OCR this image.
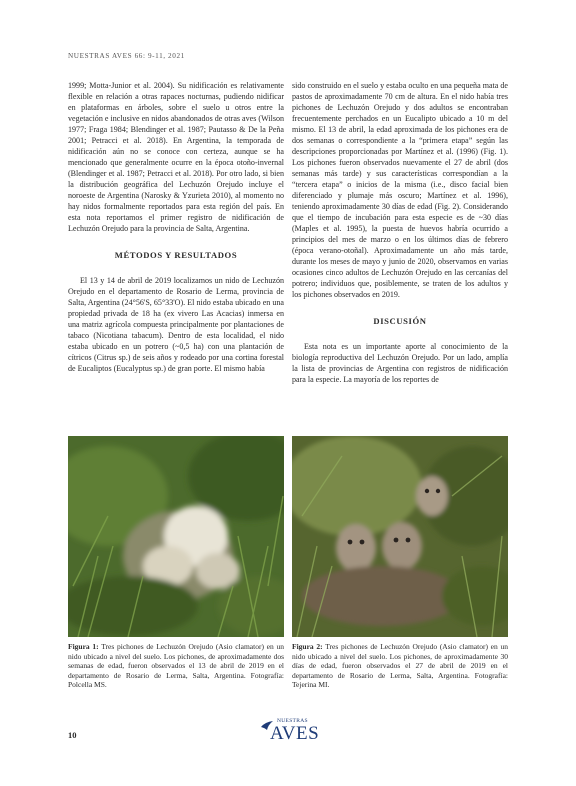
NUESTRAS AVES 66: 9-11, 2021

1999; Motta-Junior et al. 2004). Su nidificación es relativamente flexible en relación a otras rapaces nocturnas, pudiendo nidificar en plataformas en árboles, sobre el suelo u otros entre la vegetación e inclusive en nidos abandonados de otras aves (Wilson 1977; Fraga 1984; Blendinger et al. 1987; Pautasso & De la Peña 2001; Petracci et al. 2018). En Argentina, la temporada de nidificación aún no se conoce con certeza, aunque se ha mencionado que generalmente ocurre en la época otoño-invernal (Blendinger et al. 1987; Petracci et al. 2018). Por otro lado, si bien la distribución geográfica del Lechuzón Orejudo incluye el noroeste de Argentina (Narosky & Yzurieta 2010), al momento no hay nidos formalmente reportados para esta región del país. En esta nota reportamos el primer registro de nidificación de Lechuzón Orejudo para la provincia de Salta, Argentina.

MÉTODOS Y RESULTADOS

El 13 y 14 de abril de 2019 localizamos un nido de Lechuzón Orejudo en el departamento de Rosario de Lerma, provincia de Salta, Argentina (24°56'S, 65°33'O). El nido estaba ubicado en una propiedad privada de 18 ha (ex vivero Las Acacias) inmersa en una matriz agrícola compuesta principalmente por plantaciones de tabaco (Nicotiana tabacum). Dentro de esta localidad, el nido estaba ubicado en un potrero (~0,5 ha) con una plantación de cítricos (Citrus sp.) de seis años y rodeado por una cortina forestal de Eucaliptos (Eucalyptus sp.) de gran porte. El mismo había

sido construido en el suelo y estaba oculto en una pequeña mata de pastos de aproximadamente 70 cm de altura. En el nido había tres pichones de Lechuzón Orejudo y dos adultos se encontraban frecuentemente perchados en un Eucalipto ubicado a 10 m del mismo. El 13 de abril, la edad aproximada de los pichones era de dos semanas o correspondiente a la “primera etapa” según las descripciones proporcionadas por Martínez et al. (1996) (Fig. 1). Los pichones fueron observados nuevamente el 27 de abril (dos semanas más tarde) y sus características correspondían a la “tercera etapa” o inicios de la misma (i.e., disco facial bien diferenciado y plumaje más oscuro; Martínez et al. 1996), teniendo aproximadamente 30 días de edad (Fig. 2). Considerando que el tiempo de incubación para esta especie es de ~30 días (Maples et al. 1995), la puesta de huevos habría ocurrido a principios del mes de marzo o en los últimos días de febrero (época verano-otoñal). Aproximadamente un año más tarde, durante los meses de mayo y junio de 2020, observamos en varias ocasiones cinco adultos de Lechuzón Orejudo en las cercanías del potrero; individuos que, posiblemente, se traten de los adultos y los pichones observados en 2019.

DISCUSIÓN

Esta nota es un importante aporte al conocimiento de la biología reproductiva del Lechuzón Orejudo. Por un lado, amplía la lista de provincias de Argentina con registros de nidificación para la especie. La mayoría de los reportes de

Figura 1: Tres pichones de Lechuzón Orejudo (Asio clamator) en un nido ubicado a nivel del suelo. Los pichones, de aproximadamente dos semanas de edad, fueron observados el 13 de abril de 2019 en el departamento de Rosario de Lerma, Salta, Argentina. Fotografía: Polcella MS.
Figura 2: Tres pichones de Lechuzón Orejudo (Asio clamator) en un nido ubicado a nivel del suelo. Los pichones, de aproximadamente 30 días de edad, fueron observados el 27 de abril de 2019 en el departamento de Rosario de Lerma, Salta, Argentina. Fotografía: Tejerina MI.
10
NUESTRAS
AVES
